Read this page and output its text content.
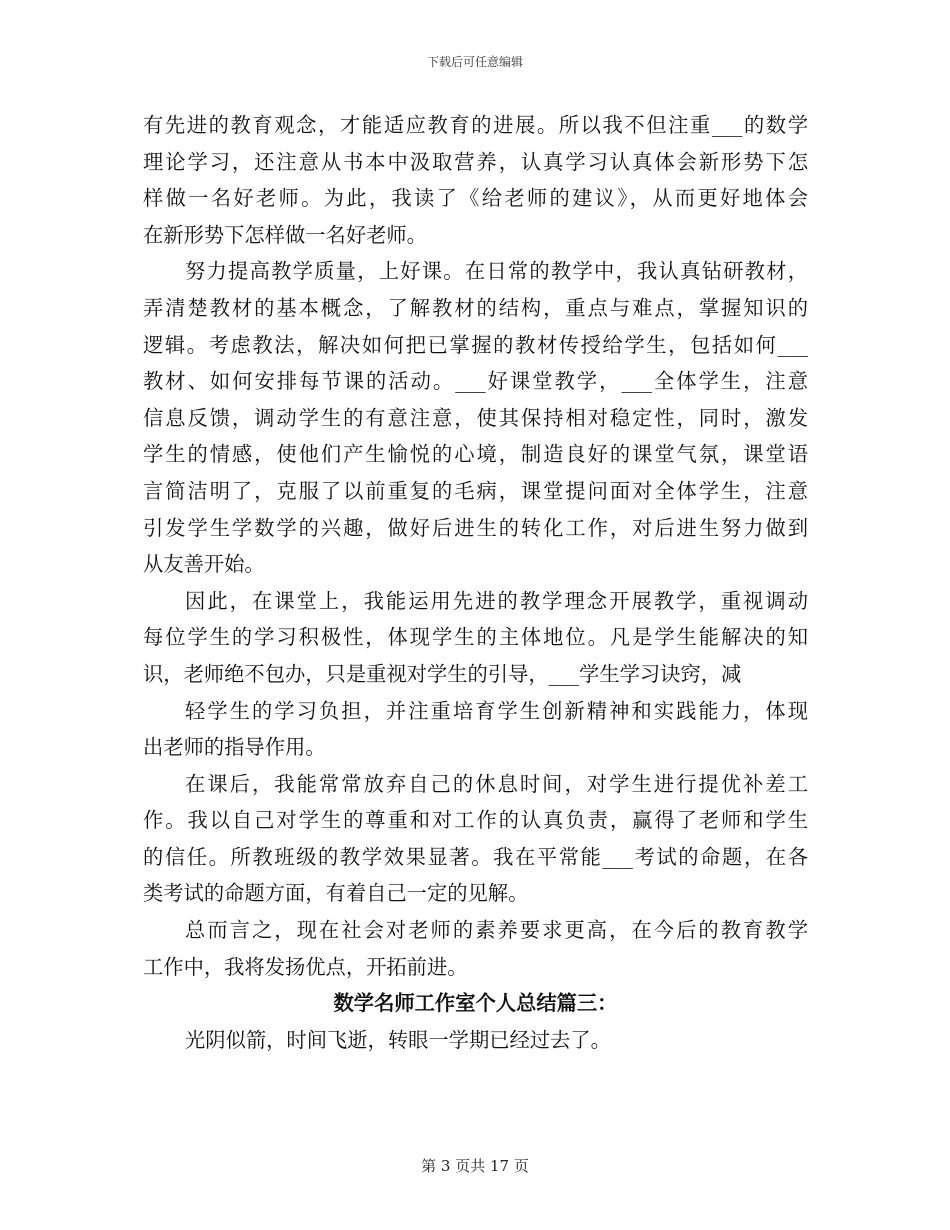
下载后可任意编辑
有先进的教育观念，才能适应教育的进展。所以我不但注重___的数学
理论学习，还注意从书本中汲取营养，认真学习认真体会新形势下怎
样做一名好老师。为此，我读了《给老师的建议》，从而更好地体会
在新形势下怎样做一名好老师。
努力提高教学质量，上好课。在日常的教学中，我认真钻研教材，
弄清楚教材的基本概念，了解教材的结构，重点与难点，掌握知识的
逻辑。考虑教法，解决如何把已掌握的教材传授给学生，包括如何___
教材、如何安排每节课的活动。___好课堂教学，___全体学生，注意
信息反馈，调动学生的有意注意，使其保持相对稳定性，同时，激发
学生的情感，使他们产生愉悦的心境，制造良好的课堂气氛，课堂语
言简洁明了，克服了以前重复的毛病，课堂提问面对全体学生，注意
引发学生学数学的兴趣，做好后进生的转化工作，对后进生努力做到
从友善开始。
因此，在课堂上，我能运用先进的教学理念开展教学，重视调动
每位学生的学习积极性，体现学生的主体地位。凡是学生能解决的知
识，老师绝不包办，只是重视对学生的引导，___学生学习诀窍，减
轻学生的学习负担，并注重培育学生创新精神和实践能力，体现
出老师的指导作用。
在课后，我能常常放弃自己的休息时间，对学生进行提优补差工
作。我以自己对学生的尊重和对工作的认真负责，赢得了老师和学生
的信任。所教班级的教学效果显著。我在平常能___考试的命题，在各
类考试的命题方面，有着自己一定的见解。
总而言之，现在社会对老师的素养要求更高，在今后的教育教学
工作中，我将发扬优点，开拓前进。
数学名师工作室个人总结篇三：
光阴似箭，时间飞逝，转眼一学期已经过去了。
第 3 页共 17 页
